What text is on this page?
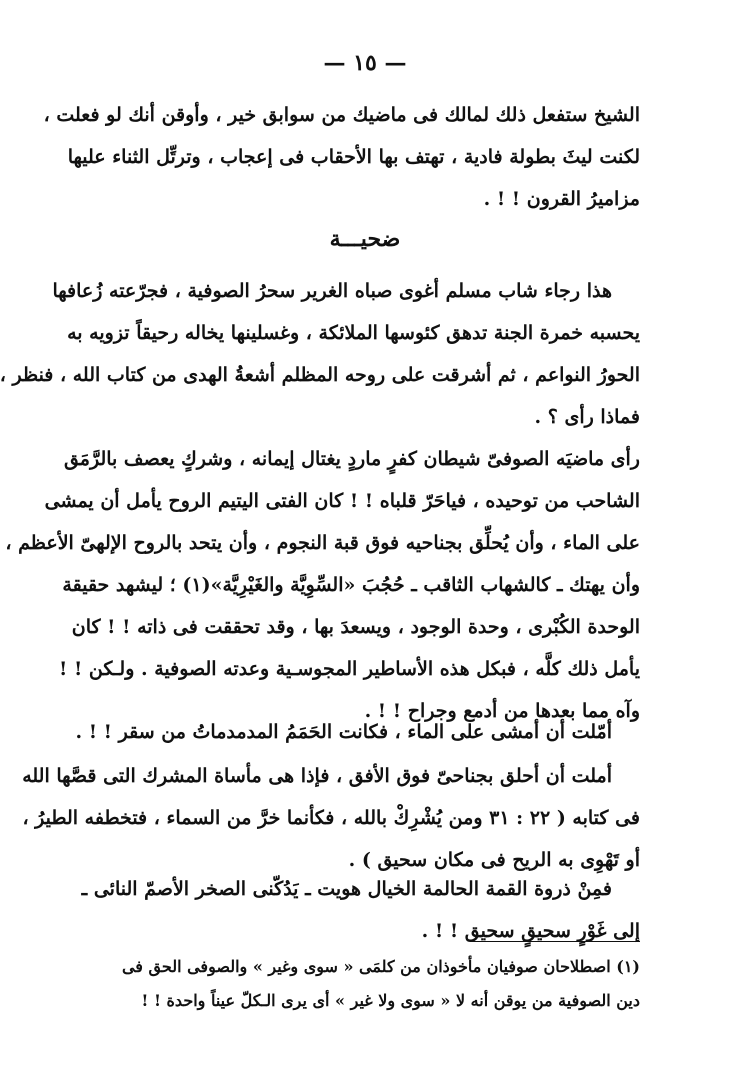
— ١٥ —
الشيخ ستفعل ذلك لمالك فى ماضيك من سوابق خير ، وأوقن أنك لو فعلت ،
لكنت ليثَ بطولة فادية ، تهتف بها الأحقاب فى إعجاب ، وترتِّل الثناء عليها
مزاميرُ القرون ! ! .
ضحيـــة
هذا رجاء شاب مسلم أغوى صباه الغرير سحرُ الصوفية ، فجرّعته زُعافها
يحسبه خمرة الجنة تدهق كئوسها الملائكة ، وغسلينها يخاله رحيقاً تزويه به
الحورُ النواعم ، ثم أشرقت على روحه المظلم أشعةُ الهدى من كتاب الله ، فنظر ،
فماذا رأى ؟ .
رأى ماضيَه الصوفىّ شيطان كفرٍ ماردٍ يغتال إيمانه ، وشركٍ يعصف بالرَّمَق
الشاحب من توحيده ، فياحَرّ قلباه ! ! كان الفتى اليتيم الروح يأمل أن يمشى
على الماء ، وأن يُحلِّق بجناحيه فوق قبة النجوم ، وأن يتحد بالروح الإلهىّ الأعظم ،
وأن يهتك ـ كالشهاب الثاقب ـ حُجُبَ «السِّوِيَّة والغَيْرِيَّة»(١) ؛ ليشهد حقيقة
الوحدة الكُبْرى ، وحدة الوجود ، ويسعدَ بها ، وقد تحققت فى ذاته ! ! كان
يأمل ذلك كلَّه ، فبكل هذه الأساطير المجوسـية وعدته الصوفية . ولـكن ! !
وآه مما بعدها من أدمع وجراح ! ! .
أمّلت أن أمشى على الماء ، فكانت الحَمَمُ المدمدماتُ من سقر ! ! .
أملت أن أحلق بجناحىّ فوق الأفق ، فإذا هى مأساة المشرك التى قصَّها الله
فى كتابه ( ٢٢ : ٣١ ومن يُشْرِكْ بالله ، فكأنما خرَّ من السماء ، فتخطفه الطيرُ ،
أو تَهْوِى به الريح فى مكان سحيق ) .
فمِنْ ذروة القمة الحالمة الخيال هويت ـ يَدُكّنى الصخر الأصمّ النائى ـ
إلى غَوْرٍ سحيقٍ سحيق ! ! .
(١) اصطلاحان صوفيان مأخوذان من كلمَى « سوى وغير » والصوفى الحق فى
دين الصوفية من يوقن أنه لا « سوى ولا غير » أى يرى الـكلّ عيناً واحدة ! !
